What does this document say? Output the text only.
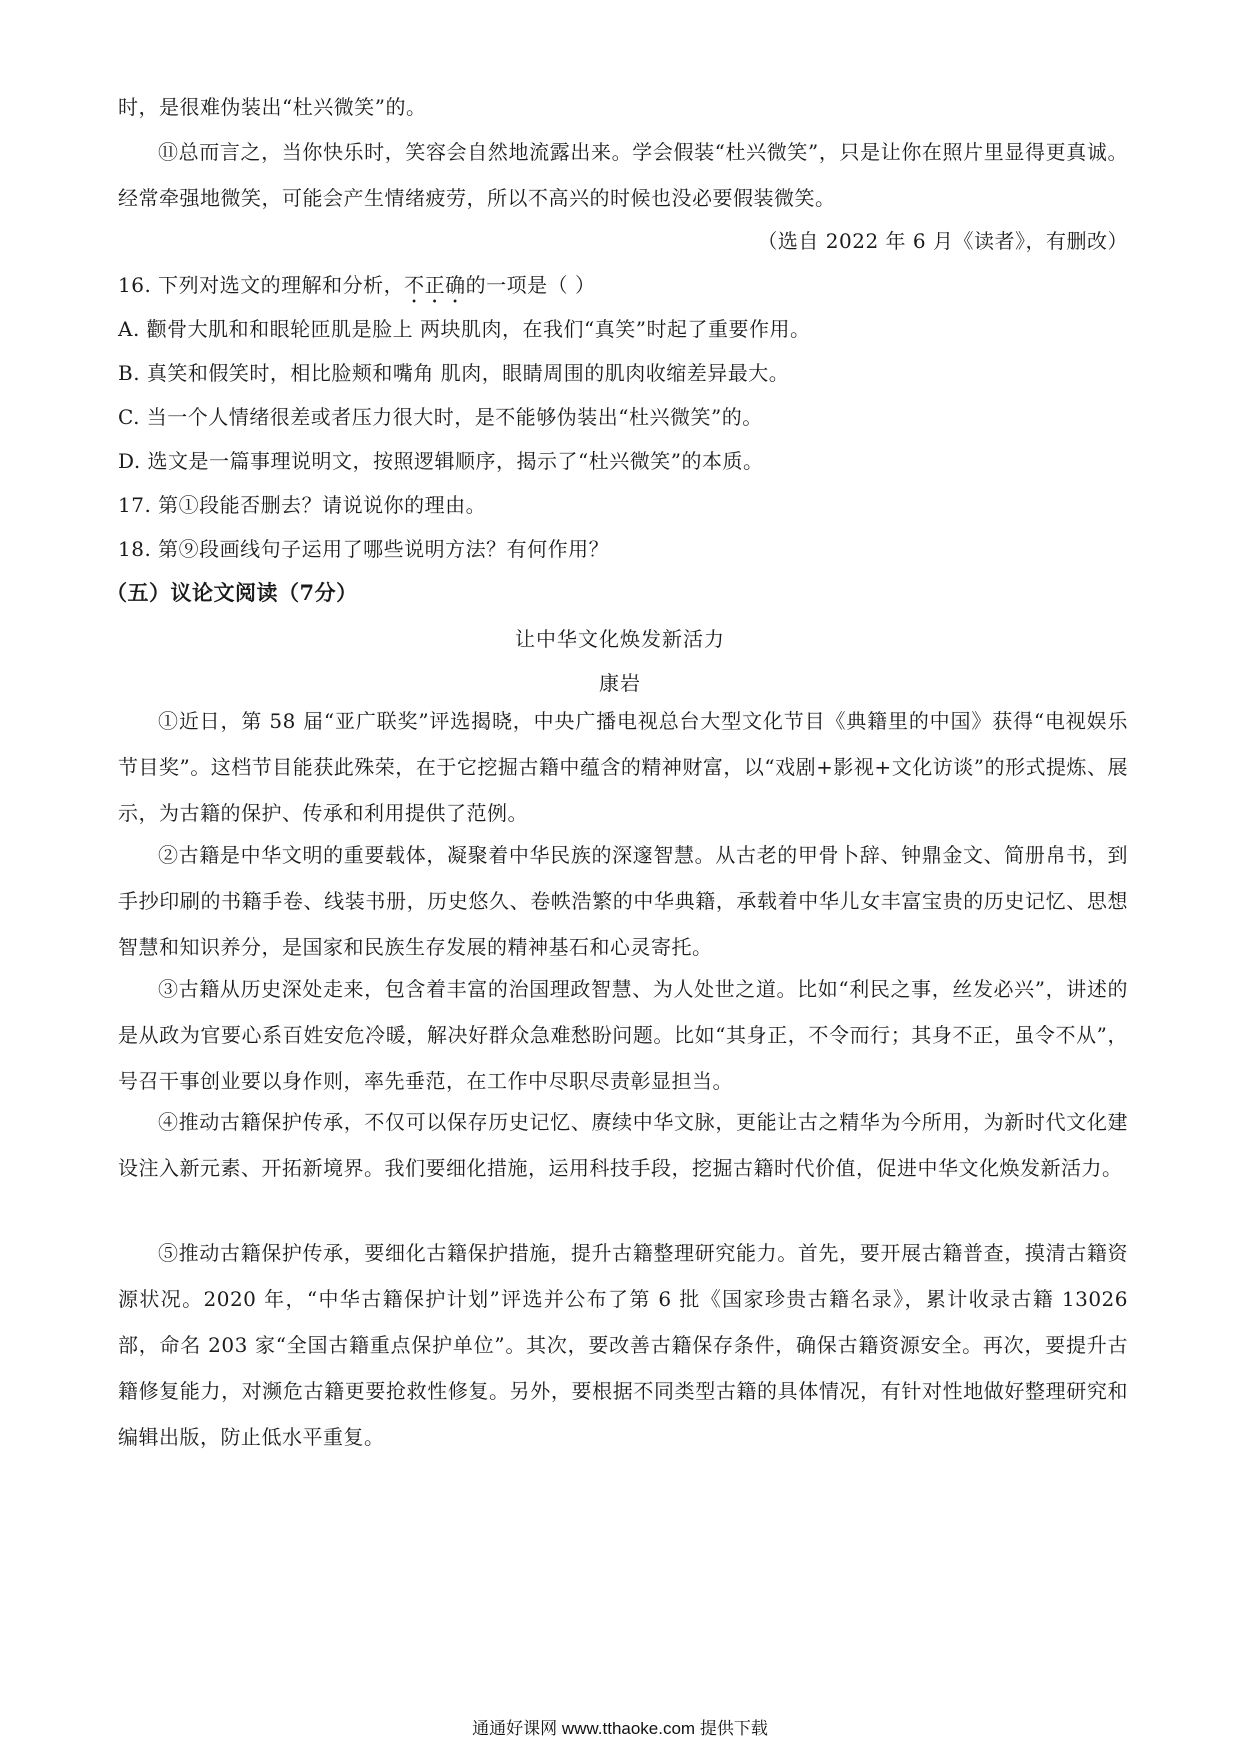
时，是很难伪装出“杜兴微笑”的。
⑪总而言之，当你快乐时，笑容会自然地流露出来。学会假装“杜兴微笑”，只是让你在照片里显得更真诚。经常牵强地微笑，可能会产生情绪疲劳，所以不高兴的时候也没必要假装微笑。
（选自 2022 年 6 月《读者》，有删改）
16. 下列对选文的理解和分析，不正确的一项是（ ）
A. 颧骨大肌和和眼轮匝肌是脸上 两块肌肉，在我们“真笑”时起了重要作用。
B. 真笑和假笑时，相比脸颊和嘴角 肌肉，眼睛周围的肌肉收缩差异最大。
C. 当一个人情绪很差或者压力很大时，是不能够伪装出“杜兴微笑”的。
D. 选文是一篇事理说明文，按照逻辑顺序，揭示了“杜兴微笑”的本质。
17. 第①段能否删去？请说说你的理由。
18. 第⑨段画线句子运用了哪些说明方法？有何作用？
（五）议论文阅读（7分）
让中华文化焕发新活力
康岩
①近日，第 58 届“亚广联奖”评选揭晓，中央广播电视总台大型文化节目《典籍里的中国》获得“电视娱乐节目奖”。这档节目能获此殊荣，在于它挖掘古籍中蕴含的精神财富，以“戏剧+影视+文化访谈”的形式提炼、展示，为古籍的保护、传承和利用提供了范例。
②古籍是中华文明的重要载体，凝聚着中华民族的深邃智慧。从古老的甲骨卜辞、钟鼎金文、简册帛书，到手抄印刷的书籍手卷、线装书册，历史悠久、卷帙浩繁的中华典籍，承载着中华儿女丰富宝贵的历史记忆、思想智慧和知识养分，是国家和民族生存发展的精神基石和心灵寄托。
③古籍从历史深处走来，包含着丰富的治国理政智慧、为人处世之道。比如“利民之事，丝发必兴”，讲述的是从政为官要心系百姓安危冷暖，解决好群众急难愁盼问题。比如“其身正，不令而行；其身不正，虽令不从”，号召干事创业要以身作则，率先垂范，在工作中尽职尽责彰显担当。
④推动古籍保护传承，不仅可以保存历史记忆、赓续中华文脉，更能让古之精华为今所用，为新时代文化建设注入新元素、开拓新境界。我们要细化措施，运用科技手段，挖掘古籍时代价值，促进中华文化焕发新活力。
⑤推动古籍保护传承，要细化古籍保护措施，提升古籍整理研究能力。首先，要开展古籍普查，摸清古籍资源状况。2020 年，“中华古籍保护计划”评选并公布了第 6 批《国家珍贵古籍名录》，累计收录古籍 13026 部，命名 203 家“全国古籍重点保护单位”。其次，要改善古籍保存条件，确保古籍资源安全。再次，要提升古籍修复能力，对濒危古籍更要抢救性修复。另外，要根据不同类型古籍的具体情况，有针对性地做好整理研究和编辑出版，防止低水平重复。
通通好课网 www.tthaoke.com 提供下载
